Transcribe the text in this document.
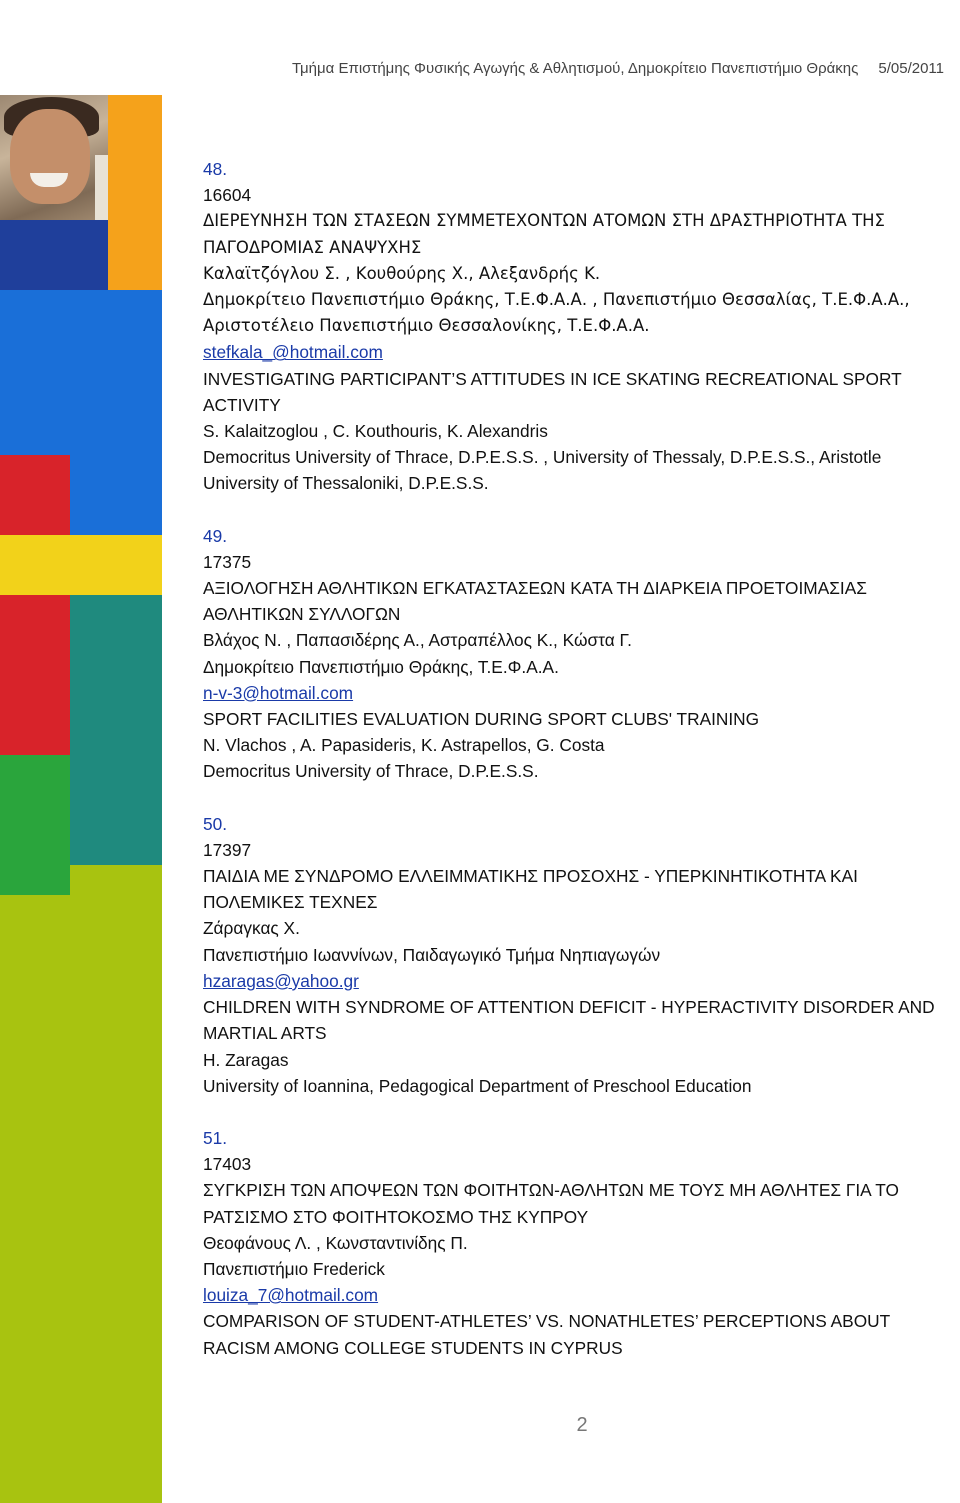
Τμήμα Επιστήμης Φυσικής Αγωγής & Αθλητισμού, Δημοκρίτειο Πανεπιστήμιο Θράκης 5/05/2011
48.
16604
ΔΙΕΡΕΥΝΗΣΗ ΤΩΝ ΣΤΑΣΕΩΝ ΣΥΜΜΕΤΕΧΟΝΤΩΝ ΑΤΟΜΩΝ ΣΤΗ ΔΡΑΣΤΗΡΙΟΤΗΤΑ ΤΗΣ ΠΑΓΟΔΡΟΜΙΑΣ ΑΝΑΨΥΧΗΣ
Καλαϊτζόγλου Σ. , Κουθούρης Χ., Αλεξανδρής Κ.
Δημοκρίτειο Πανεπιστήμιο Θράκης, Τ.Ε.Φ.Α.Α. , Πανεπιστήμιο Θεσσαλίας, Τ.Ε.Φ.Α.Α., Αριστοτέλειο Πανεπιστήμιο Θεσσαλονίκης, Τ.Ε.Φ.Α.Α.
stefkala_@hotmail.com
INVESTIGATING PARTICIPANT’S ATTITUDES IN ICE SKATING RECREATIONAL SPORT ACTIVITY
S. Kalaitzoglou , C. Kouthouris, K. Alexandris
Democritus University of Thrace, D.P.E.S.S. , University of Thessaly, D.P.E.S.S., Aristotle University of Thessaloniki, D.P.E.S.S.
49.
17375
ΑΞΙΟΛΟΓΗΣΗ ΑΘΛΗΤΙΚΩΝ ΕΓΚΑΤΑΣΤΑΣΕΩΝ ΚΑΤΑ ΤΗ ΔΙΑΡΚΕΙΑ ΠΡΟΕΤΟΙΜΑΣΙΑΣ ΑΘΛΗΤΙΚΩΝ ΣΥΛΛΟΓΩΝ
Βλάχος Ν. , Παπασιδέρης Α., Αστραπέλλος Κ., Κώστα Γ.
Δημοκρίτειο Πανεπιστήμιο Θράκης, Τ.Ε.Φ.Α.Α.
n-v-3@hotmail.com
SPORT FACILITIES EVALUATION DURING SPORT CLUBS' TRAINING
N. Vlachos , A. Papasideris, K. Astrapellos, G. Costa
Democritus University of Thrace, D.P.E.S.S.
50.
17397
ΠΑΙΔΙΑ ΜΕ ΣΥΝΔΡΟΜΟ ΕΛΛΕΙΜΜΑΤΙΚΗΣ ΠΡΟΣΟΧΗΣ - ΥΠΕΡΚΙΝΗΤΙΚΟΤΗΤΑ ΚΑΙ ΠΟΛΕΜΙΚΕΣ ΤΕΧΝΕΣ
Ζάραγκας Χ.
Πανεπιστήμιο Ιωαννίνων, Παιδαγωγικό Τμήμα Νηπιαγωγών
hzaragas@yahoo.gr
CHILDREN WITH SYNDROME OF ATTENTION DEFICIT - HYPERACTIVITY DISORDER AND MARTIAL ARTS
H. Zaragas
University of Ioannina, Pedagogical Department of Preschool Education
51.
17403
ΣΥΓΚΡΙΣΗ ΤΩΝ ΑΠΟΨΕΩΝ ΤΩΝ ΦΟΙΤΗΤΩΝ-ΑΘΛΗΤΩΝ ΜΕ ΤΟΥΣ ΜΗ ΑΘΛΗΤΕΣ ΓΙΑ ΤΟ ΡΑΤΣΙΣΜΟ ΣΤΟ ΦΟΙΤΗΤΟΚΟΣΜΟ ΤΗΣ ΚΥΠΡΟΥ
Θεοφάνους Λ. , Κωνσταντινίδης Π.
Πανεπιστήμιο Frederick
louiza_7@hotmail.com
COMPARISON OF STUDENT-ATHLETES’ VS. NONATHLETES’ PERCEPTIONS ABOUT RACISM AMONG COLLEGE STUDENTS IN CYPRUS
2
